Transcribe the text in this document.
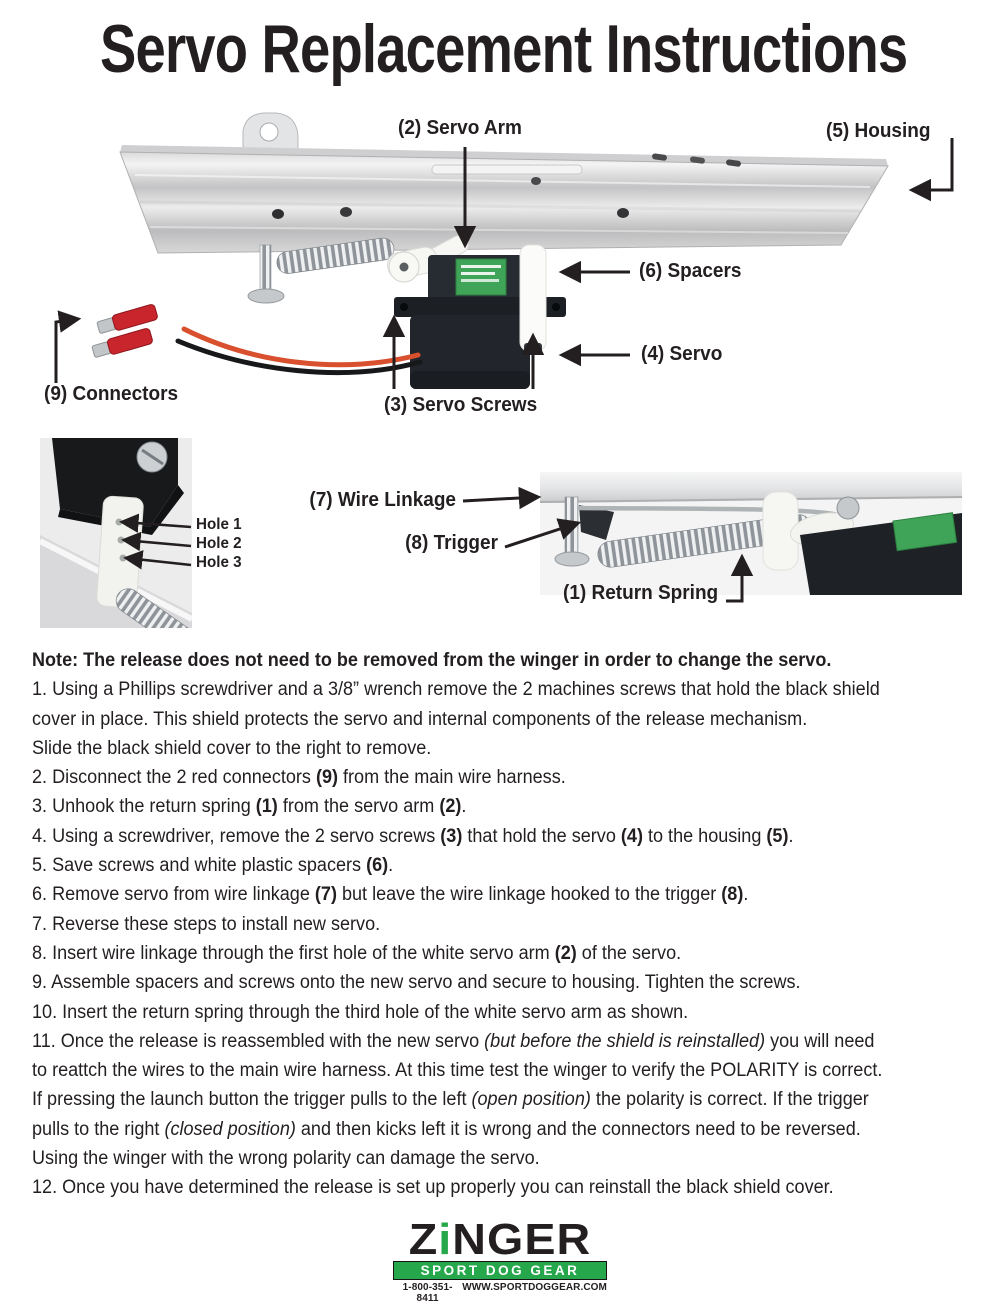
Servo Replacement Instructions
(2) Servo Arm	(5) Housing
(6) Spacers
(4) Servo
(3) Servo Screws
(9) Connectors
Hole 1
Hole 2
Hole 3
(7) Wire Linkage
(8) Trigger
(1) Return Spring
Note: The release does not need to be removed from the winger in order to change the servo.
1. Using a Phillips screwdriver and a 3/8” wrench remove the 2 machines screws that hold the black shield
cover in place. This shield protects the servo and internal components of the release mechanism.
Slide the black shield cover to the right to remove.
2. Disconnect the 2 red connectors (9) from the main wire harness.
3. Unhook the return spring (1) from the servo arm (2).
4. Using a screwdriver, remove the 2 servo screws (3) that hold the servo (4) to the housing (5).
5. Save screws and white plastic spacers (6).
6. Remove servo from wire linkage (7) but leave the wire linkage hooked to the trigger (8).
7. Reverse these steps to install new servo.
8. Insert wire linkage through the first hole of the white servo arm (2) of the servo.
9. Assemble spacers and screws onto the new servo and secure to housing. Tighten the screws.
10. Insert the return spring through the third hole of the white servo arm as shown.
11. Once the release is reassembled with the new servo (but before the shield is reinstalled) you will need
to reattch the wires to the main wire harness. At this time test the winger to verify the POLARITY is correct.
If pressing the launch button the trigger pulls to the left (open position) the polarity is correct. If the trigger
pulls to the right (closed position) and then kicks left it is wrong and the connectors need to be reversed.
Using the winger with the wrong polarity can damage the servo.
12. Once you have determined the release is set up properly you can reinstall the black shield cover.
ZiNGER
SPORT DOG GEAR
1-800-351-8411
WWW.SPORTDOGGEAR.COM
